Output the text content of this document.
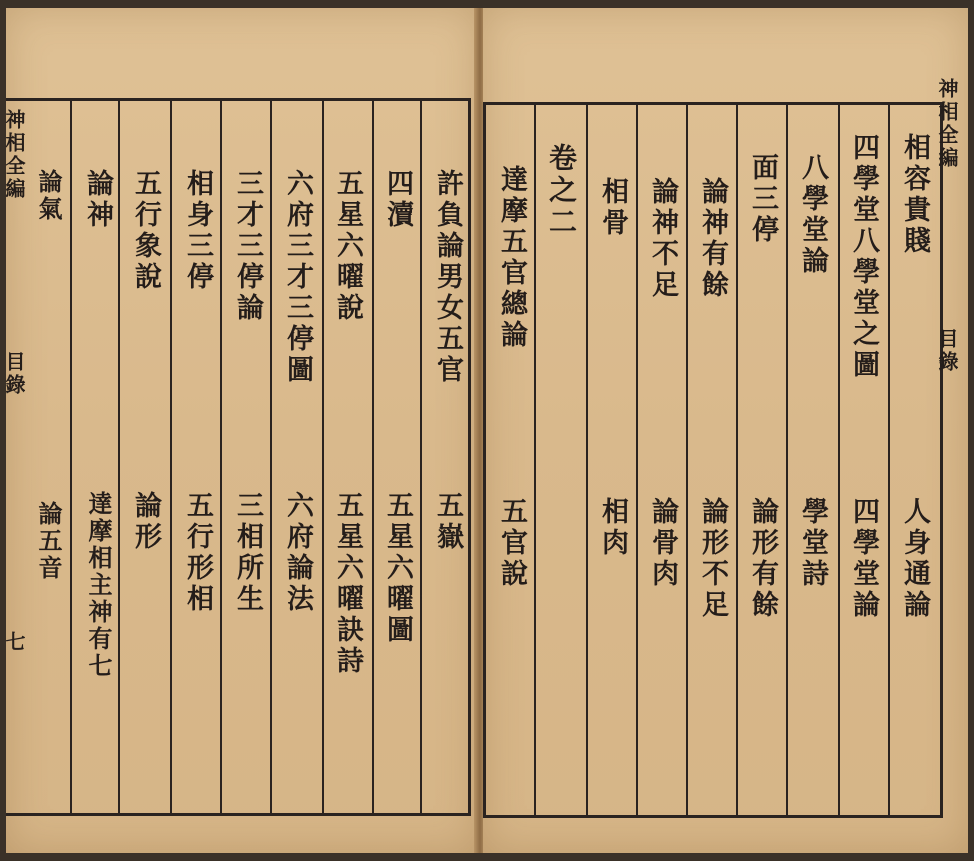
神相全編
目錄
七
許負論男女五官
五嶽
四瀆
五星六曜圖
五星六曜說
五星六曜訣詩
六府三才三停圖
六府論法
三才三停論
三相所生
相身三停
五行形相
五行象說
論形
論神
達摩相主神有七
論氣
論五音
相容貴賤
人身通論
四學堂八學堂之圖
四學堂論
八學堂論
學堂詩
面三停
論形有餘
論神有餘
論形不足
論神不足
論骨肉
相骨
相肉
卷之二
達摩五官總論
五官說
神相全編
目錄
